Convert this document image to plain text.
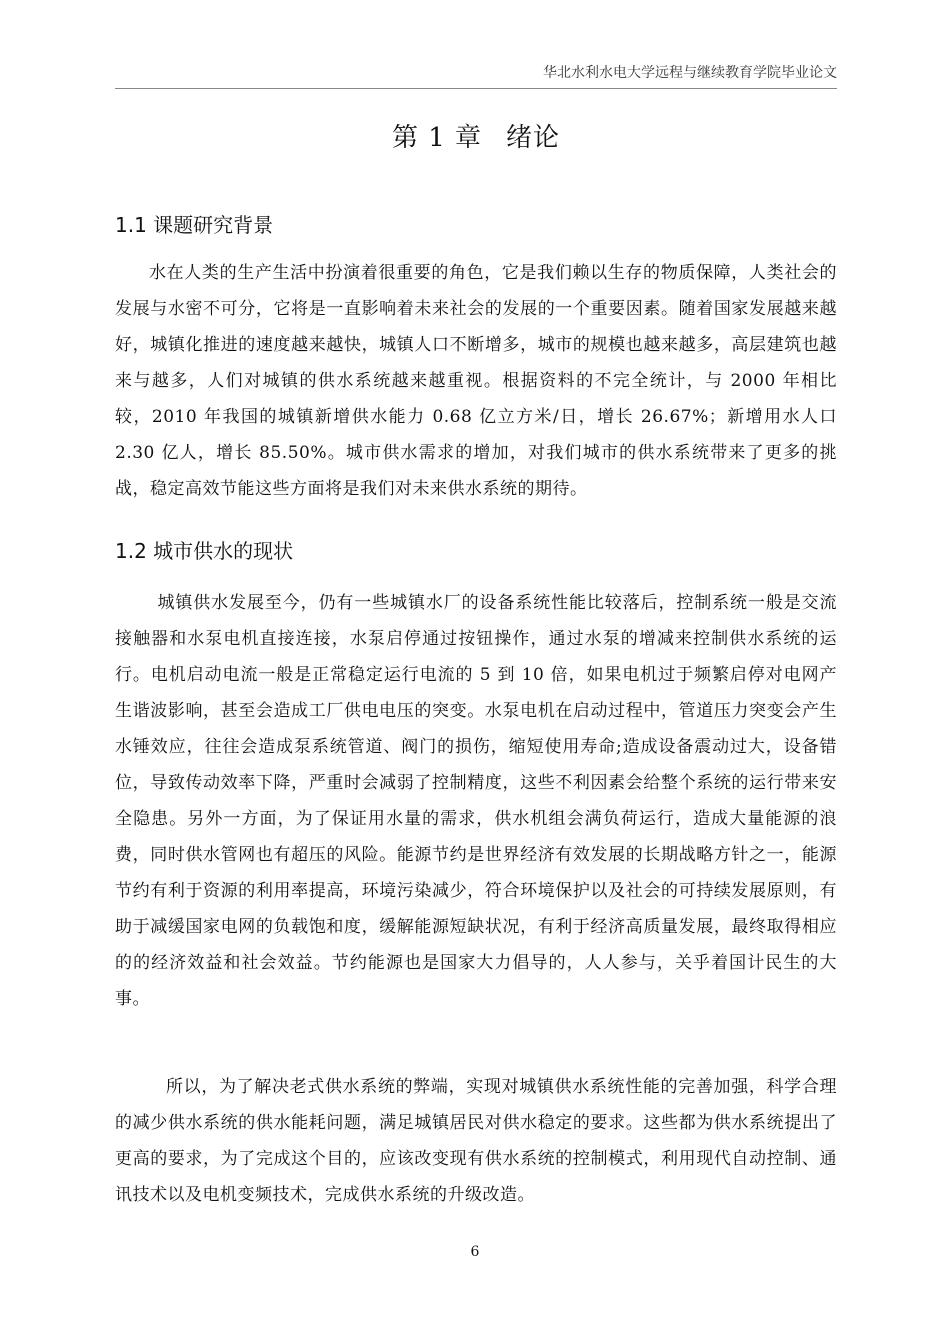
华北水利水电大学远程与继续教育学院毕业论文
第 1 章 绪论
1.1 课题研究背景

水在人类的生产生活中扮演着很重要的角色，它是我们赖以生存的物质保障，人类社会的发展与水密不可分，它将是一直影响着未来社会的发展的一个重要因素。随着国家发展越来越好，城镇化推进的速度越来越快，城镇人口不断增多，城市的规模也越来越多，高层建筑也越来与越多，人们对城镇的供水系统越来越重视。根据资料的不完全统计，与 2000 年相比较，2010 年我国的城镇新增供水能力 0.68 亿立方米/日，增长 26.67%；新增用水人口 2.30 亿人，增长 85.50%。城市供水需求的增加，对我们城市的供水系统带来了更多的挑战，稳定高效节能这些方面将是我们对未来供水系统的期待。

1.2 城市供水的现状

城镇供水发展至今，仍有一些城镇水厂的设备系统性能比较落后，控制系统一般是交流接触器和水泵电机直接连接，水泵启停通过按钮操作，通过水泵的增减来控制供水系统的运行。电机启动电流一般是正常稳定运行电流的 5 到 10 倍，如果电机过于频繁启停对电网产生谐波影响，甚至会造成工厂供电电压的突变。水泵电机在启动过程中，管道压力突变会产生水锤效应，往往会造成泵系统管道、阀门的损伤，缩短使用寿命;造成设备震动过大，设备错位，导致传动效率下降，严重时会减弱了控制精度，这些不利因素会给整个系统的运行带来安全隐患。另外一方面，为了保证用水量的需求，供水机组会满负荷运行，造成大量能源的浪费，同时供水管网也有超压的风险。能源节约是世界经济有效发展的长期战略方针之一，能源节约有利于资源的利用率提高，环境污染减少，符合环境保护以及社会的可持续发展原则，有助于减缓国家电网的负载饱和度，缓解能源短缺状况，有利于经济高质量发展，最终取得相应的的经济效益和社会效益。节约能源也是国家大力倡导的，人人参与，关乎着国计民生的大事。

所以，为了解决老式供水系统的弊端，实现对城镇供水系统性能的完善加强，科学合理的减少供水系统的供水能耗问题，满足城镇居民对供水稳定的要求。这些都为供水系统提出了更高的要求，为了完成这个目的，应该改变现有供水系统的控制模式，利用现代自动控制、通讯技术以及电机变频技术，完成供水系统的升级改造。

6
